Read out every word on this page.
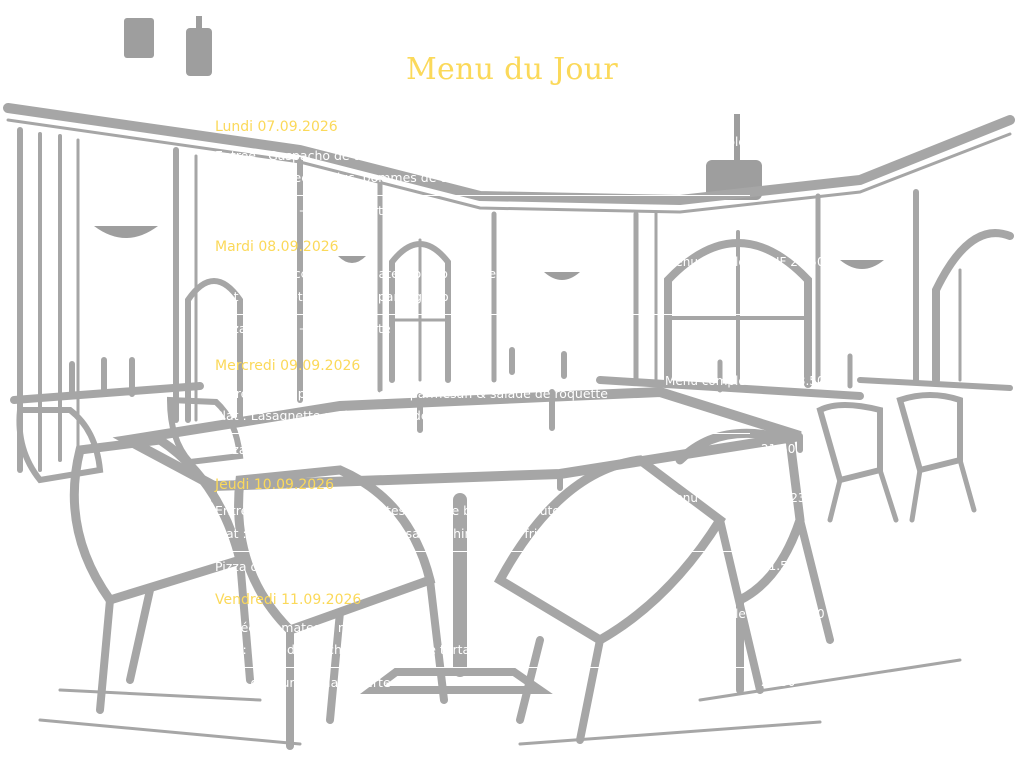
Menu du Jour
Lundi 07.09.2026
Entrée : Gaspacho de tomates & basilic
Menu complet : CHF 23.50
Plat : Roastbeef au jus, pommes de terre & légumes
Pizza du jour + salade verte	21.50
Mardi 08.09.2026
Entrée : Stracciatella, tomates, pesto & huile d'olive
Menu complet : CHF 23.50
Plat : Spaghetti al sugo & parmigiano
Pizza du jour + salade verte	21.50
Mercredi 09.09.2026
Entrée : Œuf parfait, crème de parmesan & salade de roquette
Menu complet : CHF 23.50
Plat : Lasagnette maison & salade verte
Pizza du jour + salade verte	21.50
Jeudi 10.09.2026
Entrée : Gaspacho de tomates huile de basilic & croûtons
Menu complet : CHF 23.50
Plat : Pavé de rumsteck grillé, sauce chimichurri, frites & légumes grillés
Pizza du jour + salade verte	21.50
Vendredi 11.09.2026
Entrée : Tomates & mozzarella
Menu complet : CHF 23.50
Plat : Filets de perche panés, sauce tartare & frites
Pizza du jour + salade verte	21.50
